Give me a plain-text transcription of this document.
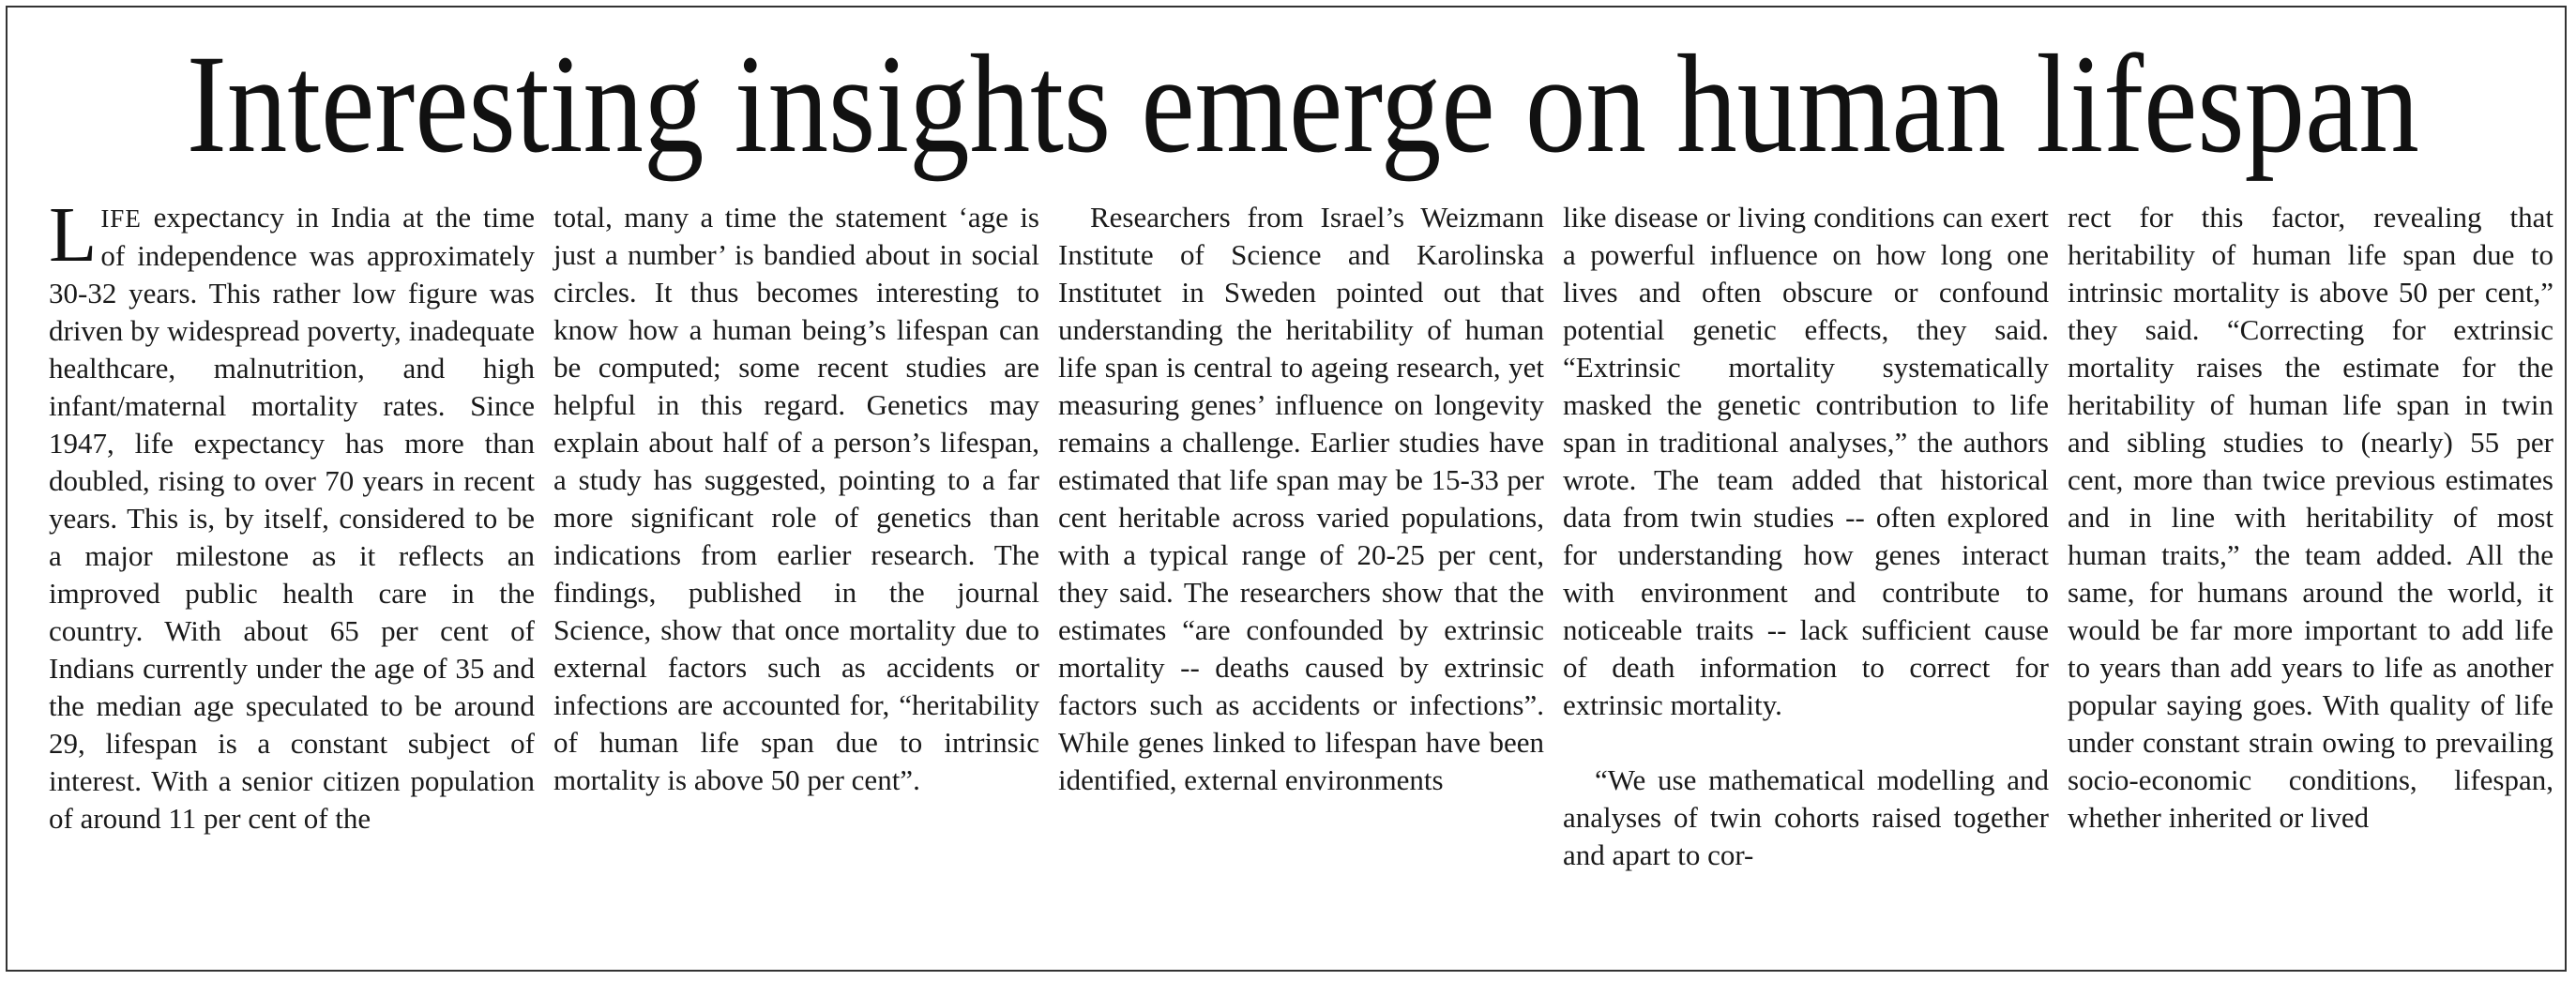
Interesting insights emerge on human lifespan

LIFE expectancy in India at the time of independence was approximately 30-32 years. This rather low figure was driven by widespread poverty, inadequate healthcare, malnutrition, and high infant/maternal mortality rates. Since 1947, life expectancy has more than doubled, rising to over 70 years in recent years. This is, by itself, considered to be a major milestone as it reflects an improved public health care in the country. With about 65 per cent of Indians currently under the age of 35 and the median age speculated to be around 29, lifespan is a constant subject of interest. With a senior citizen population of around 11 per cent of the

total, many a time the statement ‘age is just a number’ is bandied about in social circles. It thus becomes interesting to know how a human being’s lifespan can be computed; some recent studies are helpful in this regard. Genetics may explain about half of a person’s lifespan, a study has suggested, pointing to a far more significant role of genetics than indications from earlier research. The findings, published in the journal Science, show that once mortality due to external factors such as accidents or infections are accounted for, “heritability of human life span due to intrinsic mortality is above 50 per cent”.

Researchers from Israel’s Weizmann Institute of Science and Karolinska Institutet in Sweden pointed out that understanding the heritability of human life span is central to ageing research, yet measuring genes’ influence on longevity remains a challenge. Earlier studies have estimated that life span may be 15-33 per cent heritable across varied populations, with a typical range of 20-25 per cent, they said. The researchers show that the estimates “are confounded by extrinsic mortality -- deaths caused by extrinsic factors such as accidents or infections”. While genes linked to lifespan have been identified, external environments

like disease or living conditions can exert a powerful influence on how long one lives and often obscure or confound potential genetic effects, they said. “Extrinsic mortality systematically masked the genetic contribution to life span in traditional analyses,” the authors wrote. The team added that historical data from twin studies -- often explored for understanding how genes interact with environment and contribute to noticeable traits -- lack sufficient cause of death information to correct for extrinsic mortality.

“We use mathematical modelling and analyses of twin cohorts raised together and apart to cor-

rect for this factor, revealing that heritability of human life span due to intrinsic mortality is above 50 per cent,” they said. “Correcting for extrinsic mortality raises the estimate for the heritability of human life span in twin and sibling studies to (nearly) 55 per cent, more than twice previous estimates and in line with heritability of most human traits,” the team added. All the same, for humans around the world, it would be far more important to add life to years than add years to life as another popular saying goes. With quality of life under constant strain owing to prevailing socio-economic conditions, lifespan, whether inherited or lived
